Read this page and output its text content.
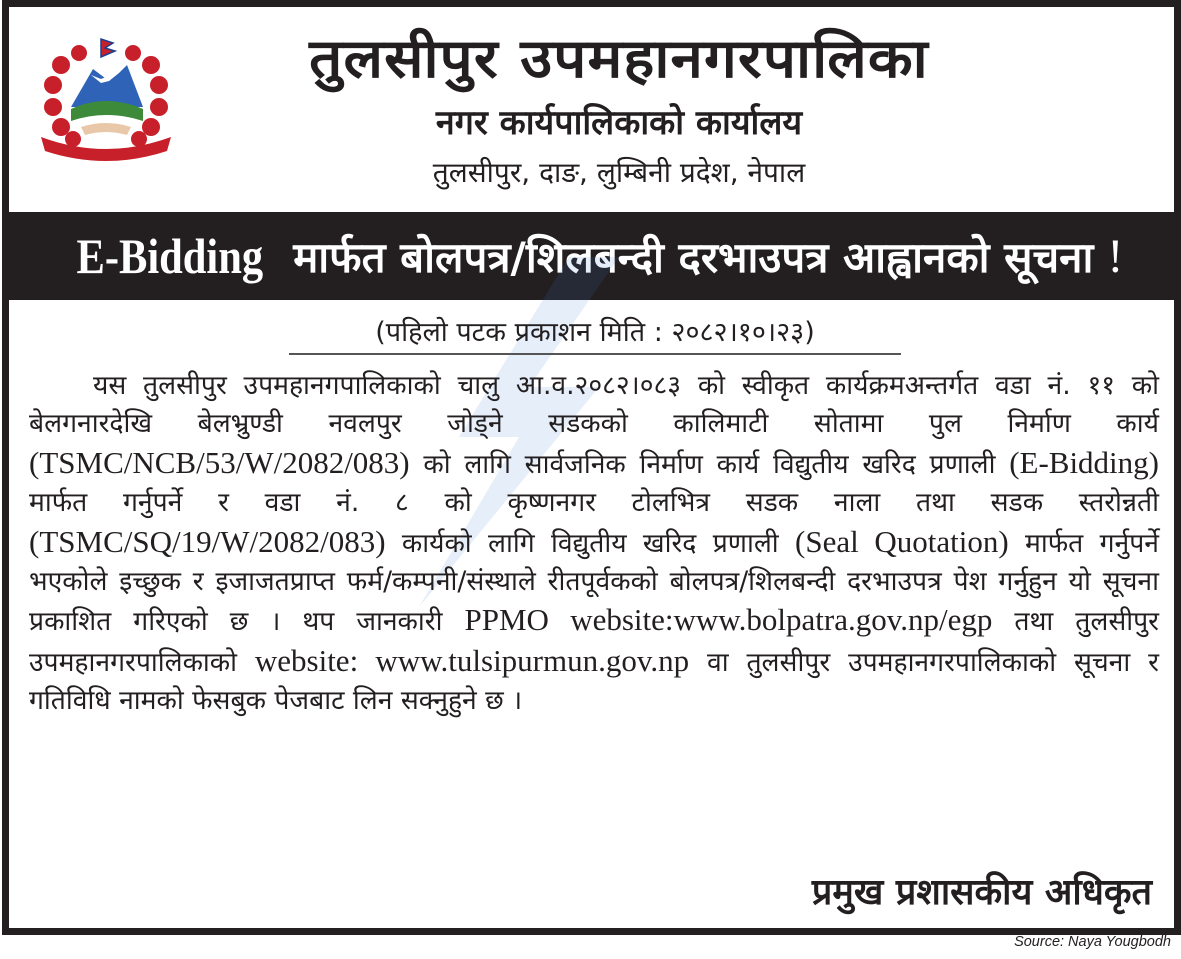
तुलसीपुर उपमहानगरपालिका
नगर कार्यपालिकाको कार्यालय
तुलसीपुर, दाङ, लुम्बिनी प्रदेश, नेपाल
E-Bidding मार्फत बोलपत्र/शिलबन्दी दरभाउपत्र आह्वानको सूचना !
(पहिलो पटक प्रकाशन मिति : २०८२।१०।२३)

यस तुलसीपुर उपमहानगपालिकाको चालु आ.व.२०८२।०८३ को स्वीकृत कार्यक्रमअन्तर्गत वडा नं. ११ को बेलगनारदेखि बेलभ्रुण्डी नवलपुर जोड्ने सडकको कालिमाटी सोतामा पुल निर्माण कार्य (TSMC/NCB/53/W/2082/083) को लागि सार्वजनिक निर्माण कार्य विद्युतीय खरिद प्रणाली (E-Bidding) मार्फत गर्नुपर्ने र वडा नं. ८ को कृष्णनगर टोलभित्र सडक नाला तथा सडक स्तरोन्नती (TSMC/SQ/19/W/2082/083) कार्यको लागि विद्युतीय खरिद प्रणाली (Seal Quotation) मार्फत गर्नुपर्ने भएकोले इच्छुक र इजाजतप्राप्त फर्म/कम्पनी/संस्थाले रीतपूर्वकको बोलपत्र/शिलबन्दी दरभाउपत्र पेश गर्नुहुन यो सूचना प्रकाशित गरिएको छ । थप जानकारी PPMO website:www.bolpatra.gov.np/egp तथा तुलसीपुर उपमहानगरपालिकाको website: www.tulsipurmun.gov.np वा तुलसीपुर उपमहानगरपालिकाको सूचना र गतिविधि नामको फेसबुक पेजबाट लिन सक्नुहुने छ ।

प्रमुख प्रशासकीय अधिकृत
Source: Naya Yougbodh
